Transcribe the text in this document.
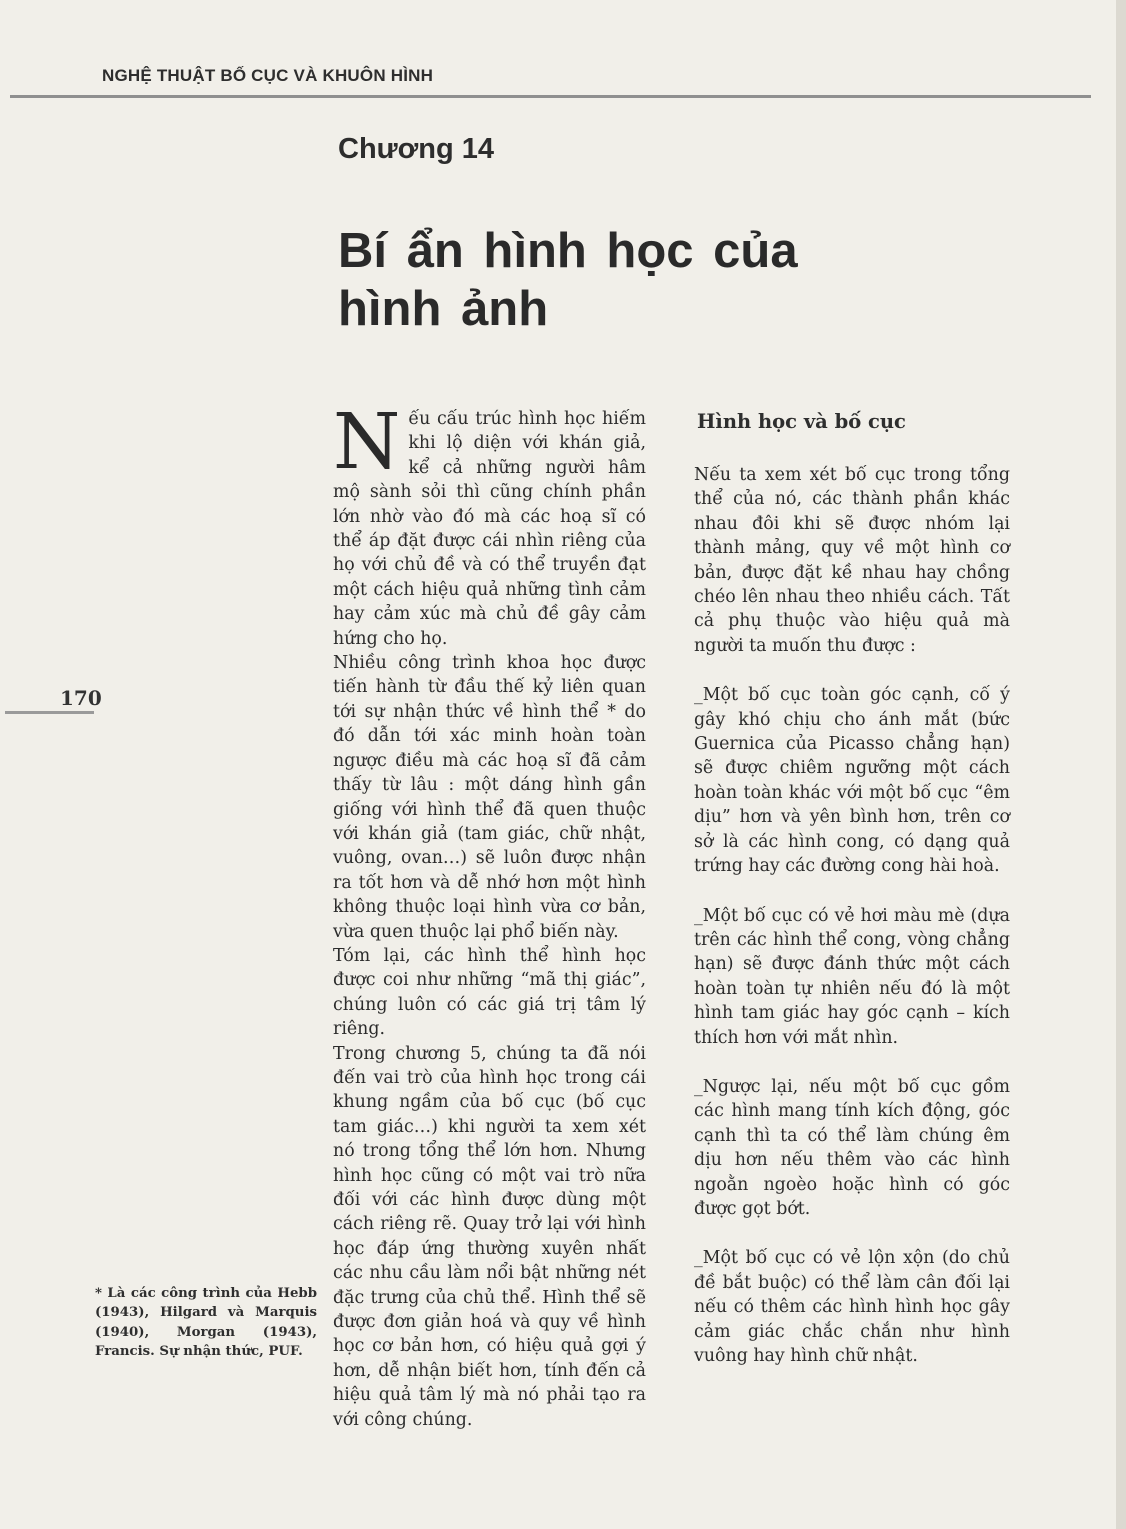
NGHỆ THUẬT BỐ CỤC VÀ KHUÔN HÌNH
Chương 14
Bí ẩn hình học của hình ảnh
170

Nếu cấu trúc hình học hiếm khi lộ diện với khán giả, kể cả những người hâm mộ sành sỏi thì cũng chính phần lớn nhờ vào đó mà các hoạ sĩ có thể áp đặt được cái nhìn riêng của họ với chủ đề và có thể truyền đạt một cách hiệu quả những tình cảm hay cảm xúc mà chủ đề gây cảm hứng cho họ.

Nhiều công trình khoa học được tiến hành từ đầu thế kỷ liên quan tới sự nhận thức về hình thể * do đó dẫn tới xác minh hoàn toàn ngược điều mà các hoạ sĩ đã cảm thấy từ lâu : một dáng hình gần giống với hình thể đã quen thuộc với khán giả (tam giác, chữ nhật, vuông, ovan…) sẽ luôn được nhận ra tốt hơn và dễ nhớ hơn một hình không thuộc loại hình vừa cơ bản, vừa quen thuộc lại phổ biến này.

Tóm lại, các hình thể hình học được coi như những “mã thị giác”, chúng luôn có các giá trị tâm lý riêng.

Trong chương 5, chúng ta đã nói đến vai trò của hình học trong cái khung ngầm của bố cục (bố cục tam giác…) khi người ta xem xét nó trong tổng thể lớn hơn. Nhưng hình học cũng có một vai trò nữa đối với các hình được dùng một cách riêng rẽ. Quay trở lại với hình học đáp ứng thường xuyên nhất các nhu cầu làm nổi bật những nét đặc trưng của chủ thể. Hình thể sẽ được đơn giản hoá và quy về hình học cơ bản hơn, có hiệu quả gợi ý hơn, dễ nhận biết hơn, tính đến cả hiệu quả tâm lý mà nó phải tạo ra với công chúng.

Hình học và bố cục

Nếu ta xem xét bố cục trong tổng thể của nó, các thành phần khác nhau đôi khi sẽ được nhóm lại thành mảng, quy về một hình cơ bản, được đặt kề nhau hay chồng chéo lên nhau theo nhiều cách. Tất cả phụ thuộc vào hiệu quả mà người ta muốn thu được :

_Một bố cục toàn góc cạnh, cố ý gây khó chịu cho ánh mắt (bức Guernica của Picasso chẳng hạn) sẽ được chiêm ngưỡng một cách hoàn toàn khác với một bố cục “êm dịu” hơn và yên bình hơn, trên cơ sở là các hình cong, có dạng quả trứng hay các đường cong hài hoà.

_Một bố cục có vẻ hơi màu mè (dựa trên các hình thể cong, vòng chẳng hạn) sẽ được đánh thức một cách hoàn toàn tự nhiên nếu đó là một hình tam giác hay góc cạnh – kích thích hơn với mắt nhìn.

_Ngược lại, nếu một bố cục gồm các hình mang tính kích động, góc cạnh thì ta có thể làm chúng êm dịu hơn nếu thêm vào các hình ngoằn ngoèo hoặc hình có góc được gọt bớt.

_Một bố cục có vẻ lộn xộn (do chủ đề bắt buộc) có thể làm cân đối lại nếu có thêm các hình hình học gây cảm giác chắc chắn như hình vuông hay hình chữ nhật.

* Là các công trình của Hebb (1943), Hilgard và Marquis (1940), Morgan (1943), Francis. Sự nhận thức, PUF.
